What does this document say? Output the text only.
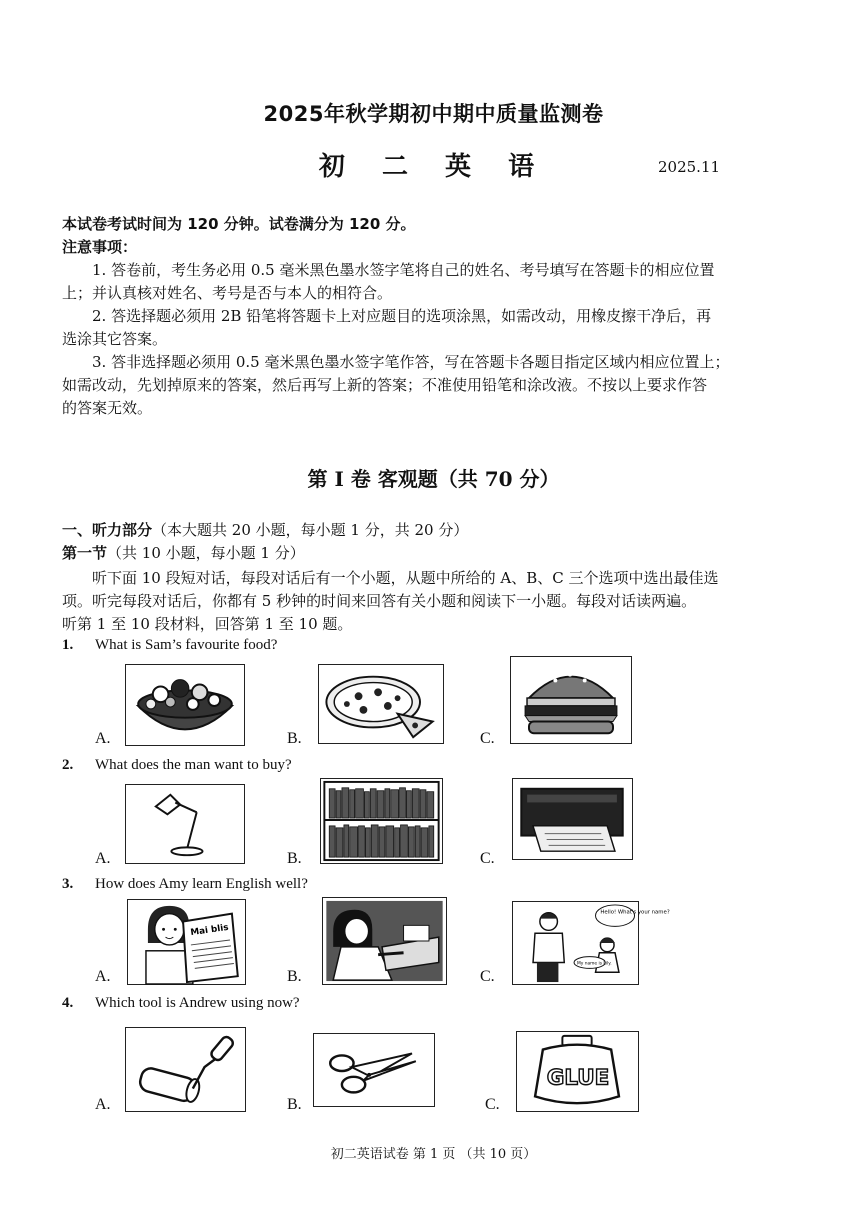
2025年秋学期初中期中质量监测卷
初 二 英 语	2025.11
本试卷考试时间为 120 分钟。试卷满分为 120 分。
注意事项：
1. 答卷前，考生务必用 0.5 毫米黑色墨水签字笔将自己的姓名、考号填写在答题卡的相应位置
上；并认真核对姓名、考号是否与本人的相符合。
2. 答选择题必须用 2B 铅笔将答题卡上对应题目的选项涂黑，如需改动，用橡皮擦干净后，再
选涂其它答案。
3. 答非选择题必须用 0.5 毫米黑色墨水签字笔作答，写在答题卡各题目指定区域内相应位置上；
如需改动，先划掉原来的答案，然后再写上新的答案；不准使用铅笔和涂改液。不按以上要求作答
的答案无效。
第 I 卷 客观题（共 70 分）
一、听力部分（本大题共 20 小题，每小题 1 分，共 20 分）
第一节（共 10 小题，每小题 1 分）
听下面 10 段短对话，每段对话后有一个小题，从题中所给的 A、B、C 三个选项中选出最佳选
项。听完每段对话后，你都有 5 秒钟的时间来回答有关小题和阅读下一小题。每段对话读两遍。
听第 1 至 10 段材料，回答第 1 至 10 题。
1. What is Sam’s favourite food?
A.	B.	C.
2. What does the man want to buy?
A.	B.	C.
3. How does Amy learn English well?
A.
Mai blis
B.	C.
Hello! What's your name?
My name is Lily.
4. Which tool is Andrew using now?
A.	B.	C.
GLUE
初二英语试卷 第 1 页 （共 10 页）
